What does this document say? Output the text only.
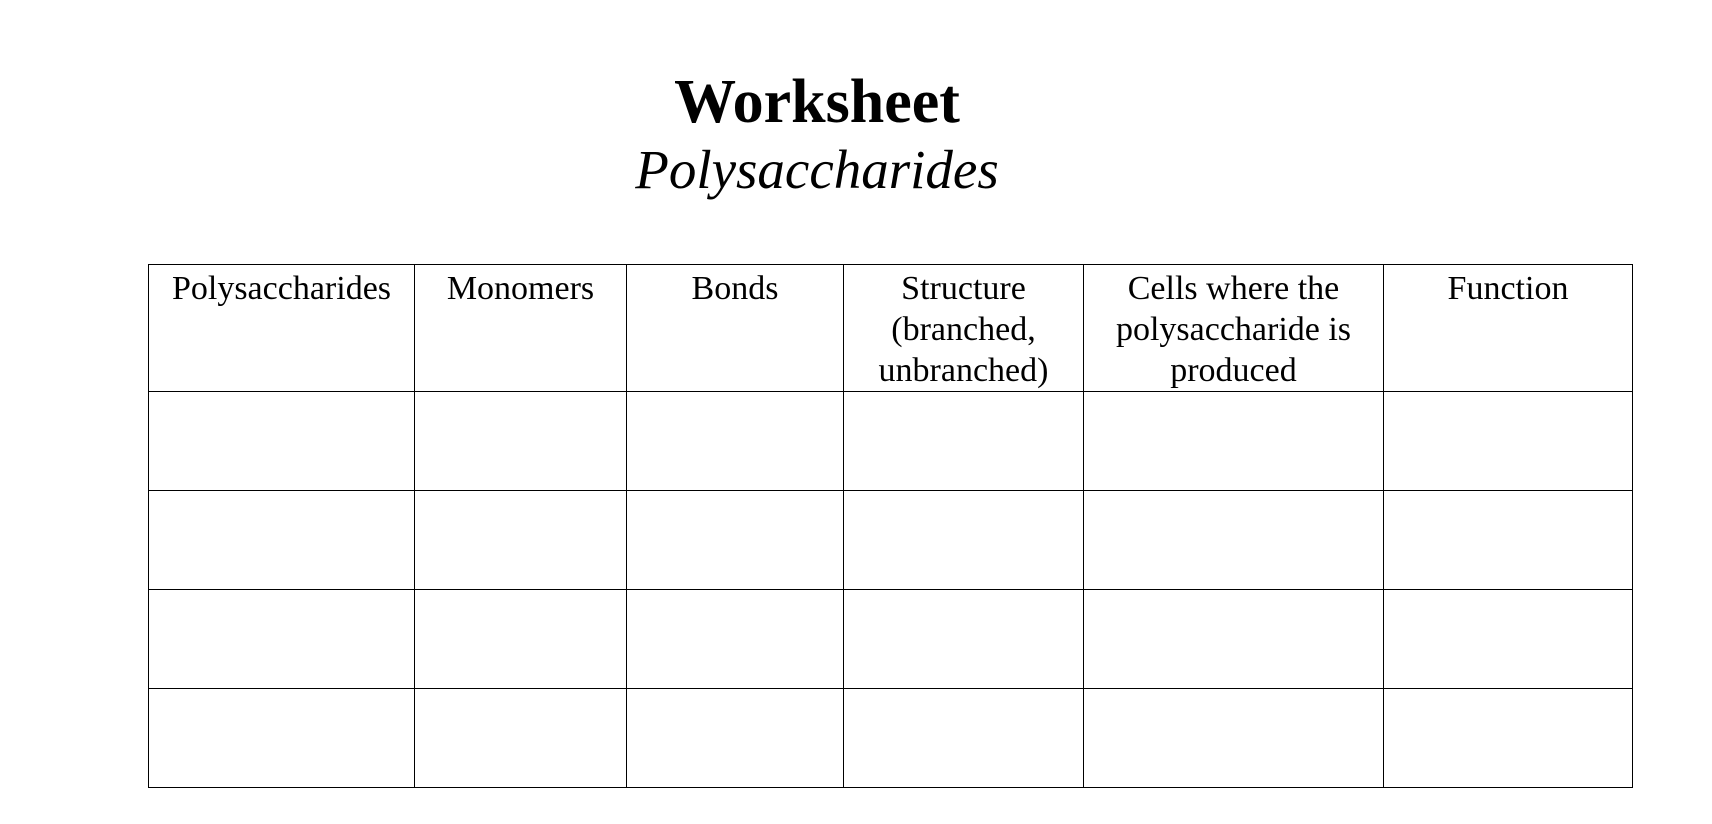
Worksheet
Polysaccharides
Polysaccharides	Monomers	Bonds	Structure (branched, unbranched)	Cells where the polysaccharide is produced	Function
